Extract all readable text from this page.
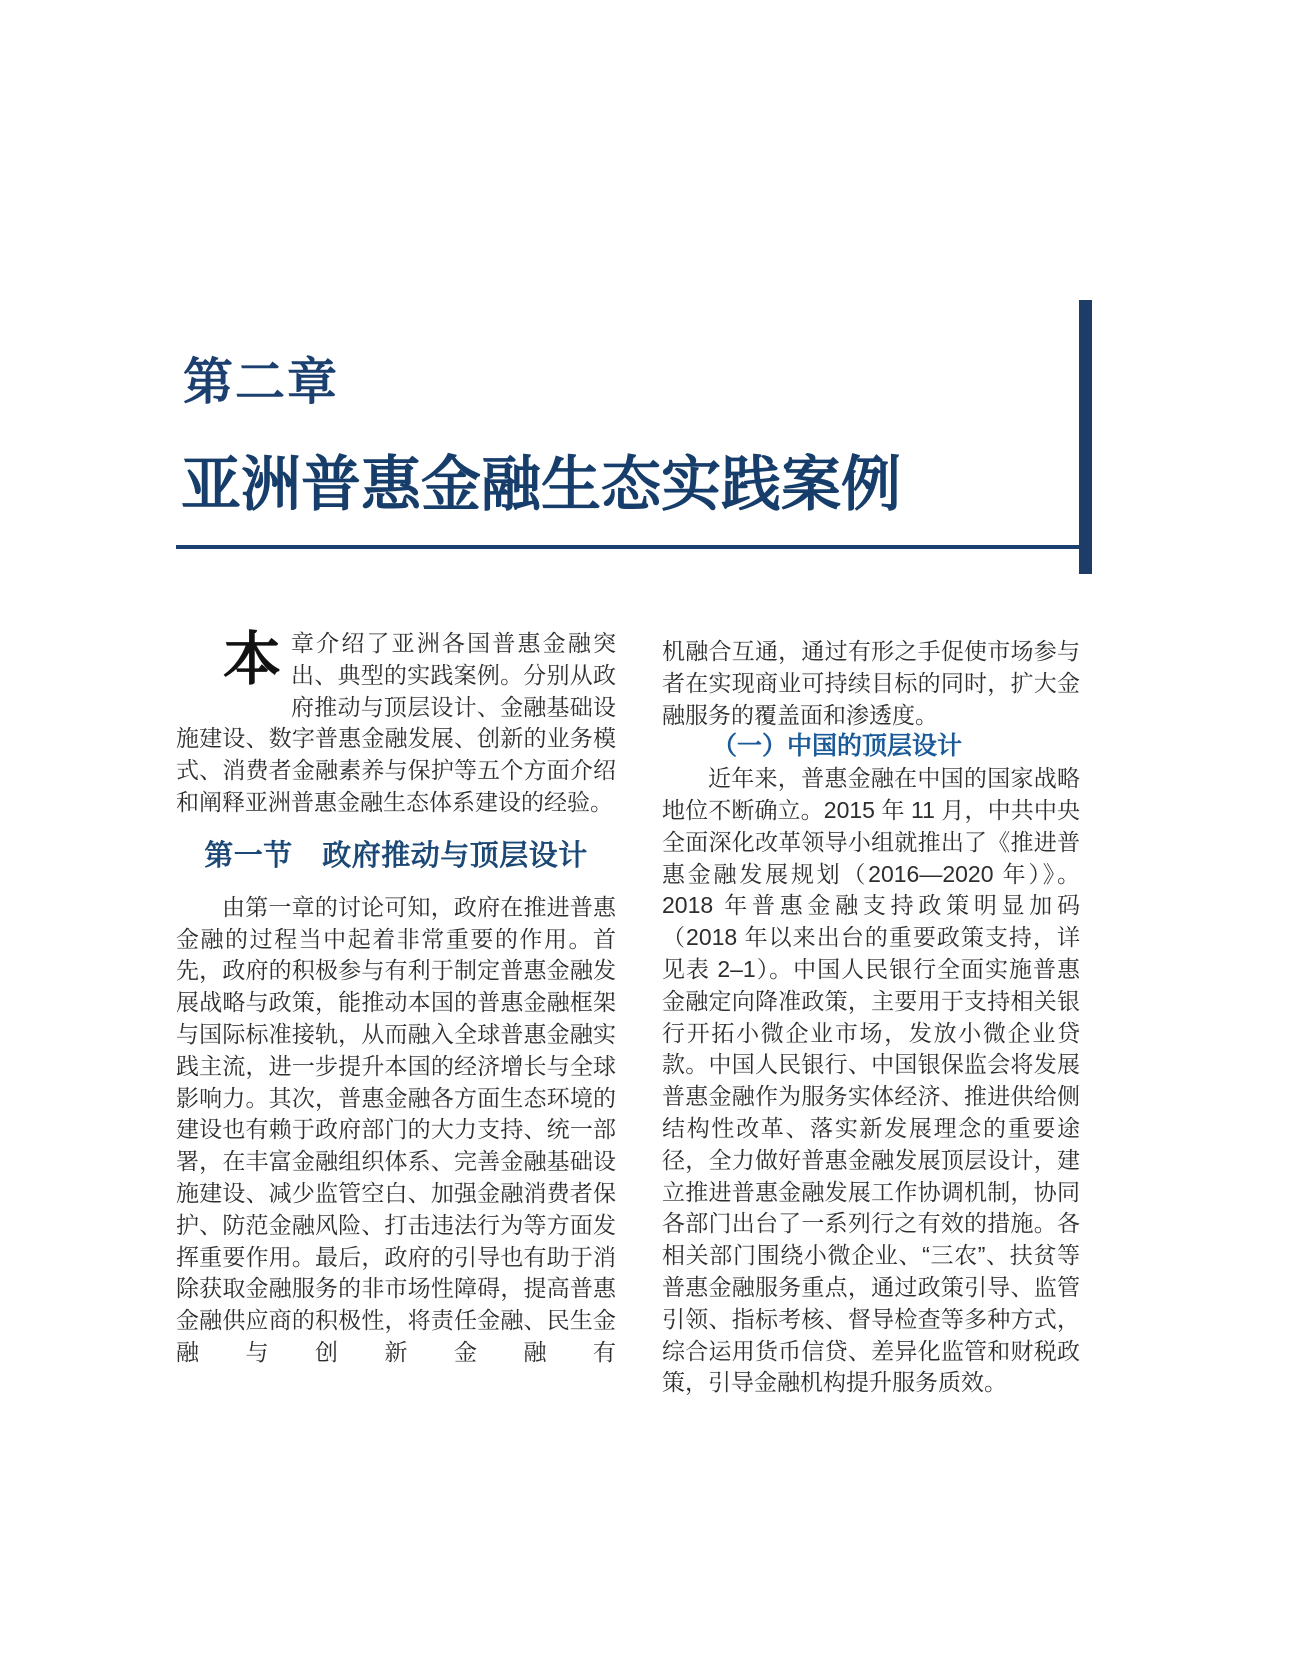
第二章
亚洲普惠金融生态实践案例

本章介绍了亚洲各国普惠金融突出、典型的实践案例。分别从政府推动与顶层设计、金融基础设施建设、数字普惠金融发展、创新的业务模式、消费者金融素养与保护等五个方面介绍和阐释亚洲普惠金融生态体系建设的经验。

第一节　政府推动与顶层设计

由第一章的讨论可知，政府在推进普惠金融的过程当中起着非常重要的作用。首先，政府的积极参与有利于制定普惠金融发展战略与政策，能推动本国的普惠金融框架与国际标准接轨，从而融入全球普惠金融实践主流，进一步提升本国的经济增长与全球影响力。其次，普惠金融各方面生态环境的建设也有赖于政府部门的大力支持、统一部署，在丰富金融组织体系、完善金融基础设施建设、减少监管空白、加强金融消费者保护、防范金融风险、打击违法行为等方面发挥重要作用。最后，政府的引导也有助于消除获取金融服务的非市场性障碍，提高普惠金融供应商的积极性，将责任金融、民生金融与创新金融有

机融合互通，通过有形之手促使市场参与者在实现商业可持续目标的同时，扩大金融服务的覆盖面和渗透度。

（一）中国的顶层设计

近年来，普惠金融在中国的国家战略地位不断确立。2015 年 11 月，中共中央全面深化改革领导小组就推出了《推进普惠金融发展规划（2016—2020 年）》。2018 年普惠金融支持政策明显加码（2018 年以来出台的重要政策支持，详见表 2–1）。中国人民银行全面实施普惠金融定向降准政策，主要用于支持相关银行开拓小微企业市场，发放小微企业贷款。中国人民银行、中国银保监会将发展普惠金融作为服务实体经济、推进供给侧结构性改革、落实新发展理念的重要途径，全力做好普惠金融发展顶层设计，建立推进普惠金融发展工作协调机制，协同各部门出台了一系列行之有效的措施。各相关部门围绕小微企业、“三农”、扶贫等普惠金融服务重点，通过政策引导、监管引领、指标考核、督导检查等多种方式，综合运用货币信贷、差异化监管和财税政策，引导金融机构提升服务质效。
